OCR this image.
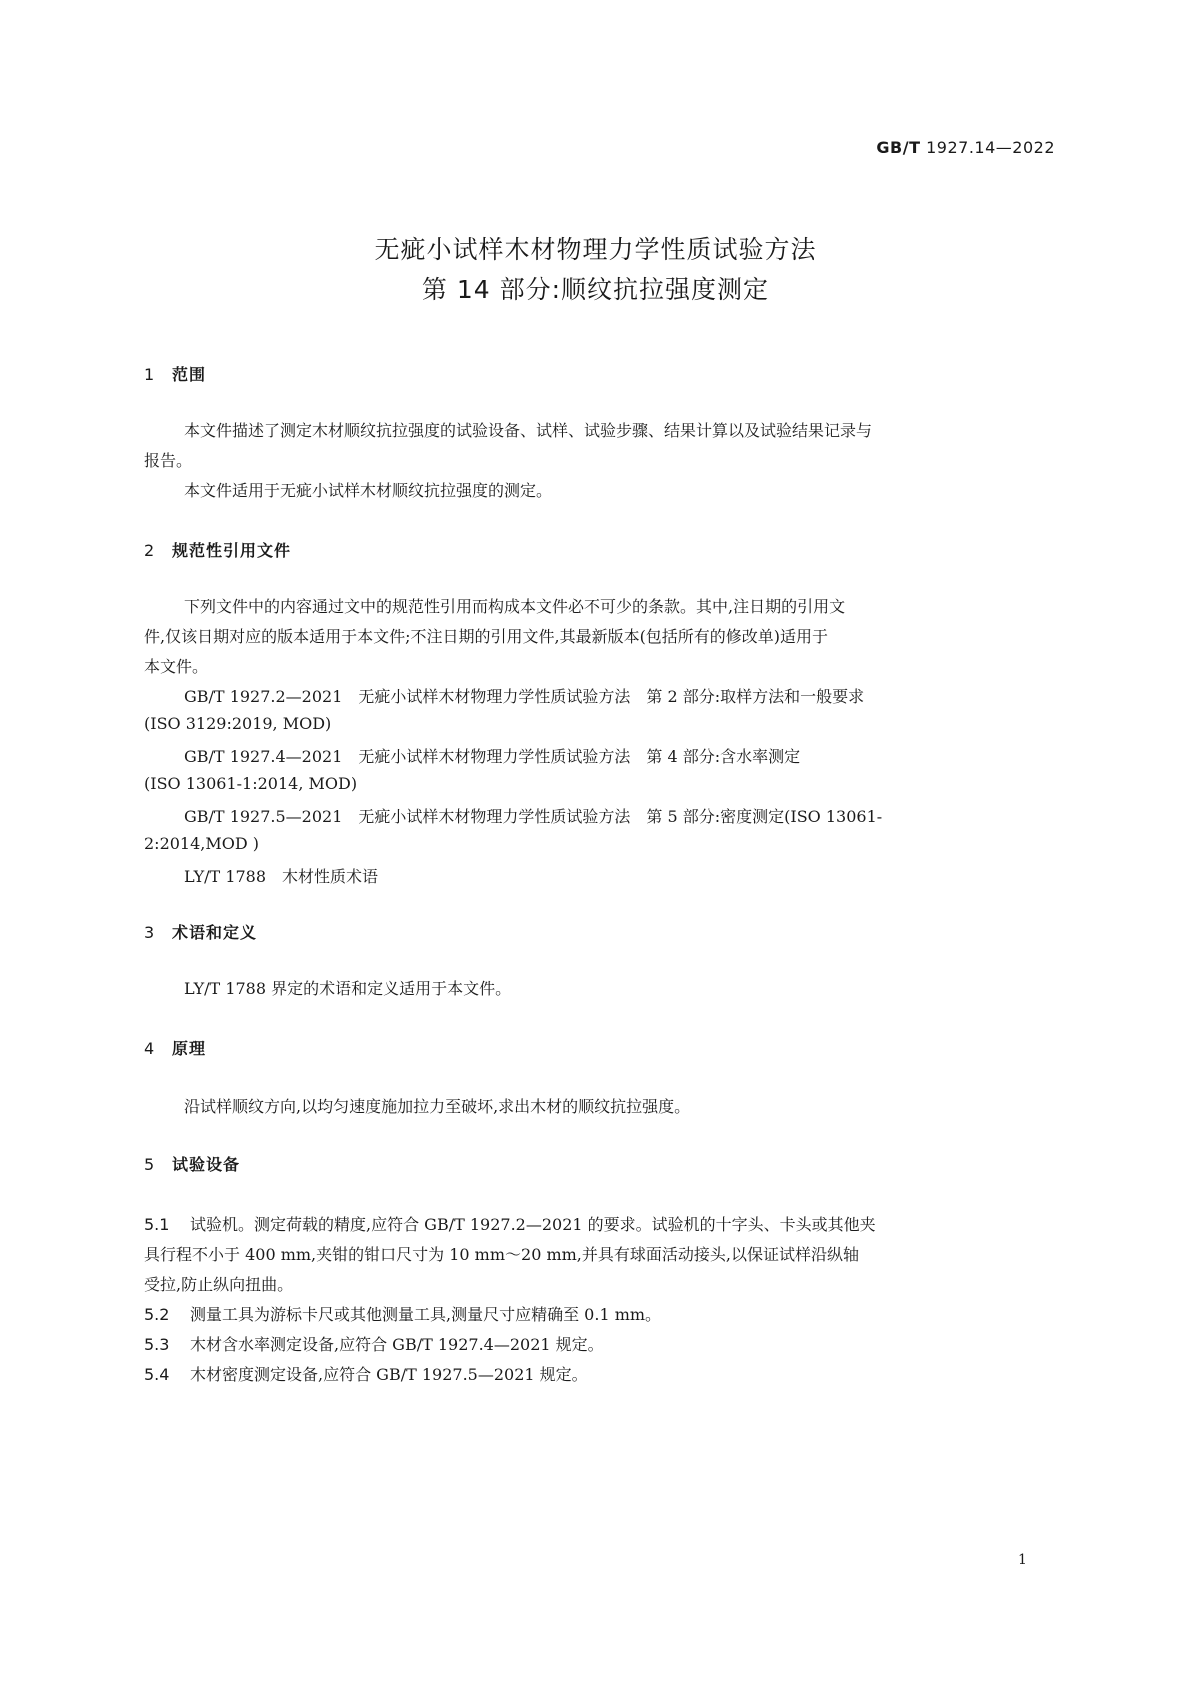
GB/T 1927.14—2022
无疵小试样木材物理力学性质试验方法
第 14 部分:顺纹抗拉强度测定
1 范围
本文件描述了测定木材顺纹抗拉强度的试验设备、试样、试验步骤、结果计算以及试验结果记录与
报告。
本文件适用于无疵小试样木材顺纹抗拉强度的测定。
2 规范性引用文件
下列文件中的内容通过文中的规范性引用而构成本文件必不可少的条款。其中,注日期的引用文
件,仅该日期对应的版本适用于本文件;不注日期的引用文件,其最新版本(包括所有的修改单)适用于
本文件。
GB/T 1927.2—2021　无疵小试样木材物理力学性质试验方法　第 2 部分:取样方法和一般要求
(ISO 3129:2019, MOD)
GB/T 1927.4—2021　无疵小试样木材物理力学性质试验方法　第 4 部分:含水率测定
(ISO 13061-1:2014, MOD)
GB/T 1927.5—2021　无疵小试样木材物理力学性质试验方法　第 5 部分:密度测定(ISO 13061-
2:2014,MOD )
LY/T 1788　木材性质术语
3 术语和定义
LY/T 1788 界定的术语和定义适用于本文件。
4 原理
沿试样顺纹方向,以均匀速度施加拉力至破坏,求出木材的顺纹抗拉强度。
5 试验设备
5.1 试验机。测定荷载的精度,应符合 GB/T 1927.2—2021 的要求。试验机的十字头、卡头或其他夹
具行程不小于 400 mm,夹钳的钳口尺寸为 10 mm～20 mm,并具有球面活动接头,以保证试样沿纵轴
受拉,防止纵向扭曲。
5.2 测量工具为游标卡尺或其他测量工具,测量尺寸应精确至 0.1 mm。
5.3 木材含水率测定设备,应符合 GB/T 1927.4—2021 规定。
5.4 木材密度测定设备,应符合 GB/T 1927.5—2021 规定。
1
